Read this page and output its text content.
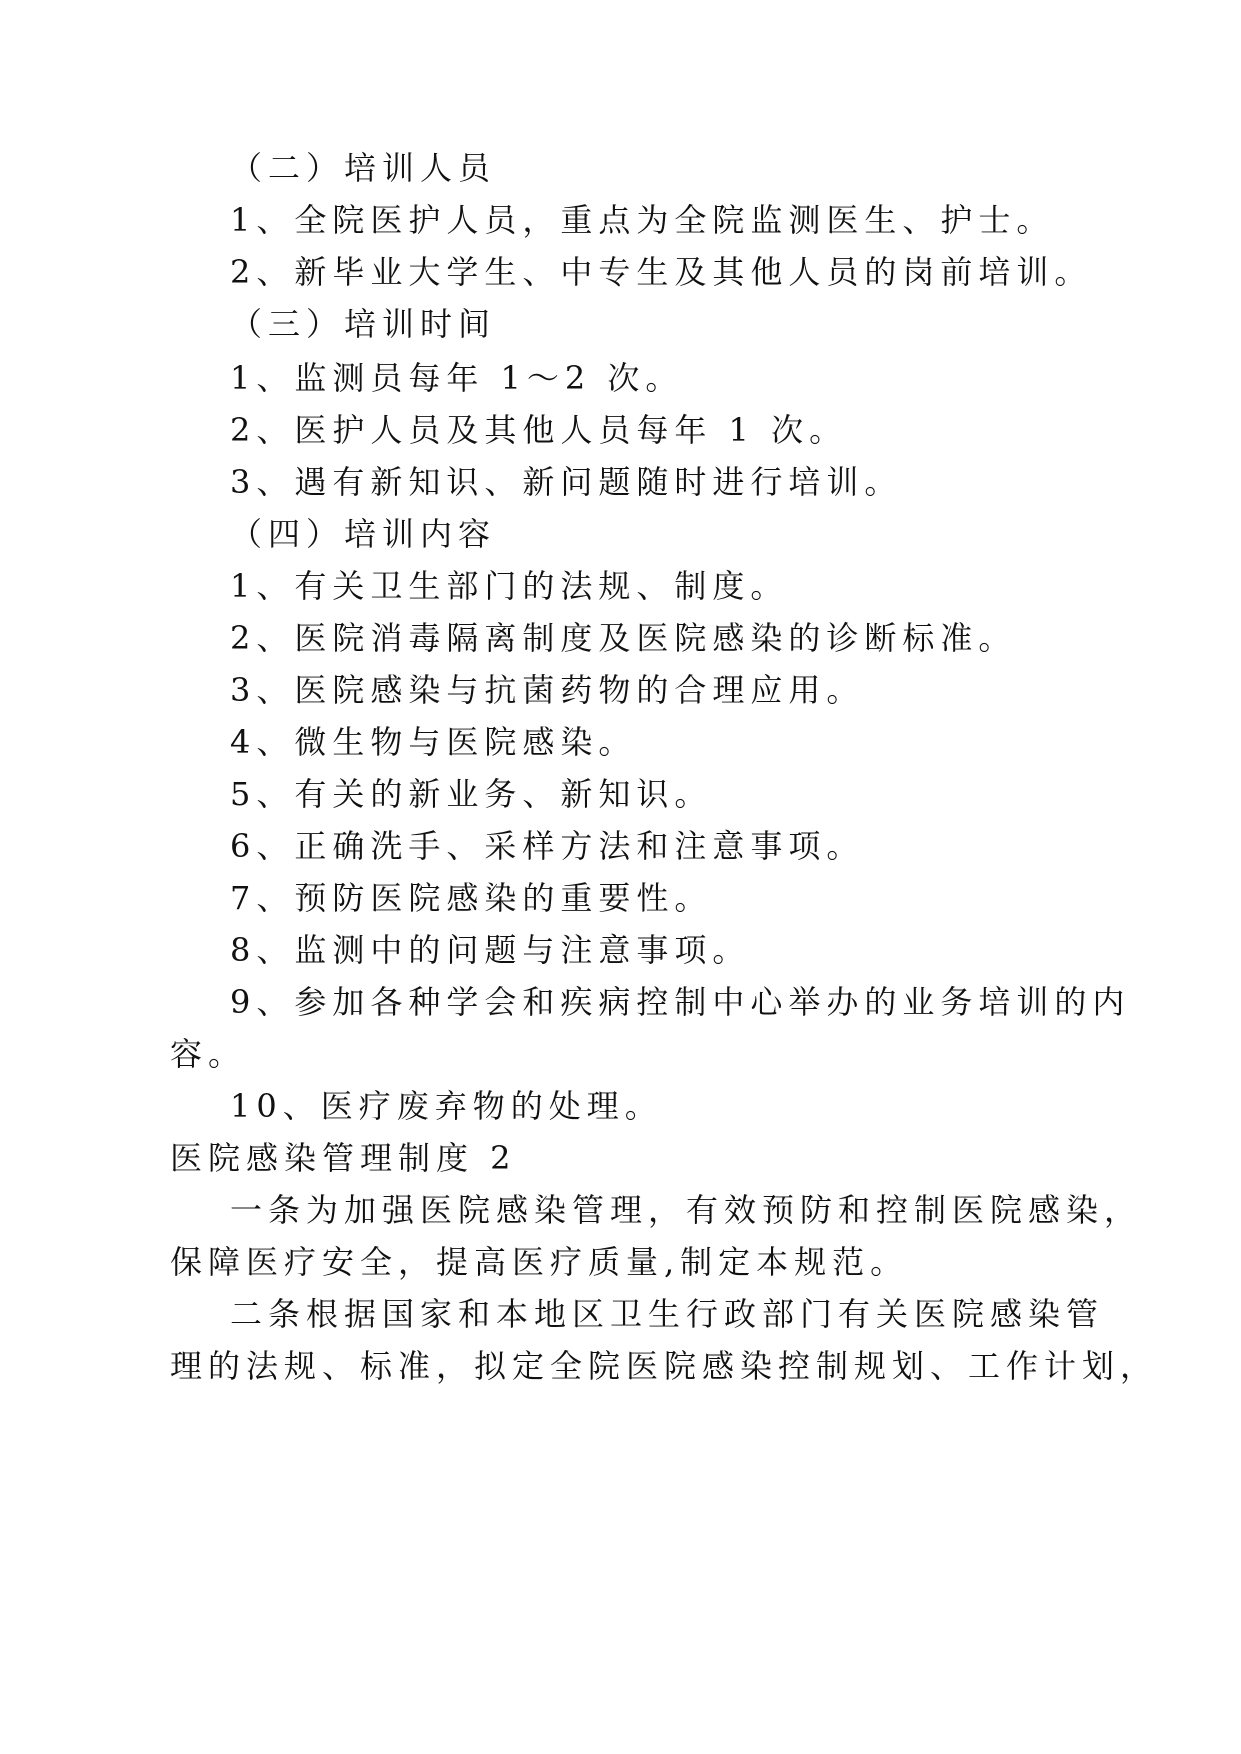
（二）培训人员
1、全院医护人员，重点为全院监测医生、护士。
2、新毕业大学生、中专生及其他人员的岗前培训。
（三）培训时间
1、监测员每年 1～2 次。
2、医护人员及其他人员每年 1 次。
3、遇有新知识、新问题随时进行培训。
（四）培训内容
1、有关卫生部门的法规、制度。
2、医院消毒隔离制度及医院感染的诊断标准。
3、医院感染与抗菌药物的合理应用。
4、微生物与医院感染。
5、有关的新业务、新知识。
6、正确洗手、采样方法和注意事项。
7、预防医院感染的重要性。
8、监测中的问题与注意事项。
9、参加各种学会和疾病控制中心举办的业务培训的内
容。
10、医疗废弃物的处理。
医院感染管理制度 2
一条为加强医院感染管理，有效预防和控制医院感染，
保障医疗安全，提高医疗质量,制定本规范。
二条根据国家和本地区卫生行政部门有关医院感染管
理的法规、标准，拟定全院医院感染控制规划、工作计划，
